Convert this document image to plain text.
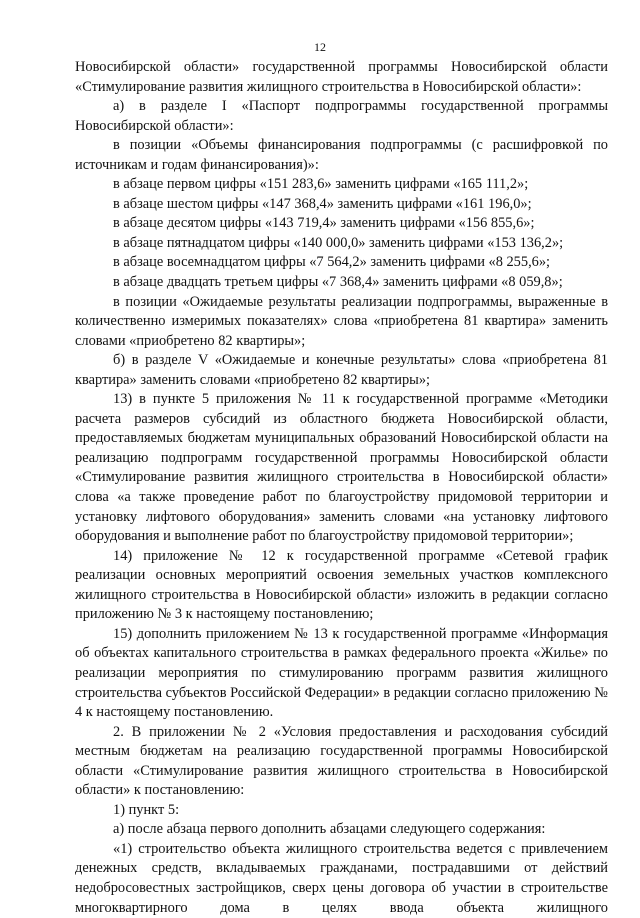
12

Новосибирской области» государственной программы Новосибирской области «Стимулирование развития жилищного строительства в Новосибирской области»:

а) в разделе I «Паспорт подпрограммы государственной программы Новосибирской области»:

в позиции «Объемы финансирования подпрограммы (с расшифровкой по источникам и годам финансирования)»:

в абзаце первом цифры «151 283,6» заменить цифрами «165 111,2»;

в абзаце шестом цифры «147 368,4» заменить цифрами «161 196,0»;

в абзаце десятом цифры «143 719,4» заменить цифрами «156 855,6»;

в абзаце пятнадцатом цифры «140 000,0» заменить цифрами «153 136,2»;

в абзаце восемнадцатом цифры «7 564,2» заменить цифрами «8 255,6»;

в абзаце двадцать третьем цифры «7 368,4» заменить цифрами «8 059,8»;

в позиции «Ожидаемые результаты реализации подпрограммы, выраженные в количественно измеримых показателях» слова «приобретена 81 квартира» заменить словами «приобретено 82 квартиры»;

б) в разделе V «Ожидаемые и конечные результаты» слова «приобретена 81 квартира» заменить словами «приобретено 82 квартиры»;

13) в пункте 5 приложения № 11 к государственной программе «Методики расчета размеров субсидий из областного бюджета Новосибирской области, предоставляемых бюджетам муниципальных образований Новосибирской области на реализацию подпрограмм государственной программы Новосибирской области «Стимулирование развития жилищного строительства в Новосибирской области» слова «а также проведение работ по благоустройству придомовой территории и установку лифтового оборудования» заменить словами «на установку лифтового оборудования и выполнение работ по благоустройству придомовой территории»;

14) приложение № 12 к государственной программе «Сетевой график реализации основных мероприятий освоения земельных участков комплексного жилищного строительства в Новосибирской области» изложить в редакции согласно приложению № 3 к настоящему постановлению;

15) дополнить приложением № 13 к государственной программе «Информация об объектах капитального строительства в рамках федерального проекта «Жилье» по реализации мероприятия по стимулированию программ развития жилищного строительства субъектов Российской Федерации» в редакции согласно приложению № 4 к настоящему постановлению.

2. В приложении № 2 «Условия предоставления и расходования субсидий местным бюджетам на реализацию государственной программы Новосибирской области «Стимулирование развития жилищного строительства в Новосибирской области» к постановлению:

1) пункт 5:

а) после абзаца первого дополнить абзацами следующего содержания:

«1) строительство объекта жилищного строительства ведется с привлечением денежных средств, вкладываемых гражданами, пострадавшими от действий недобросовестных застройщиков, сверх цены договора об участии в строительстве многоквартирного дома в целях ввода объекта жилищного
